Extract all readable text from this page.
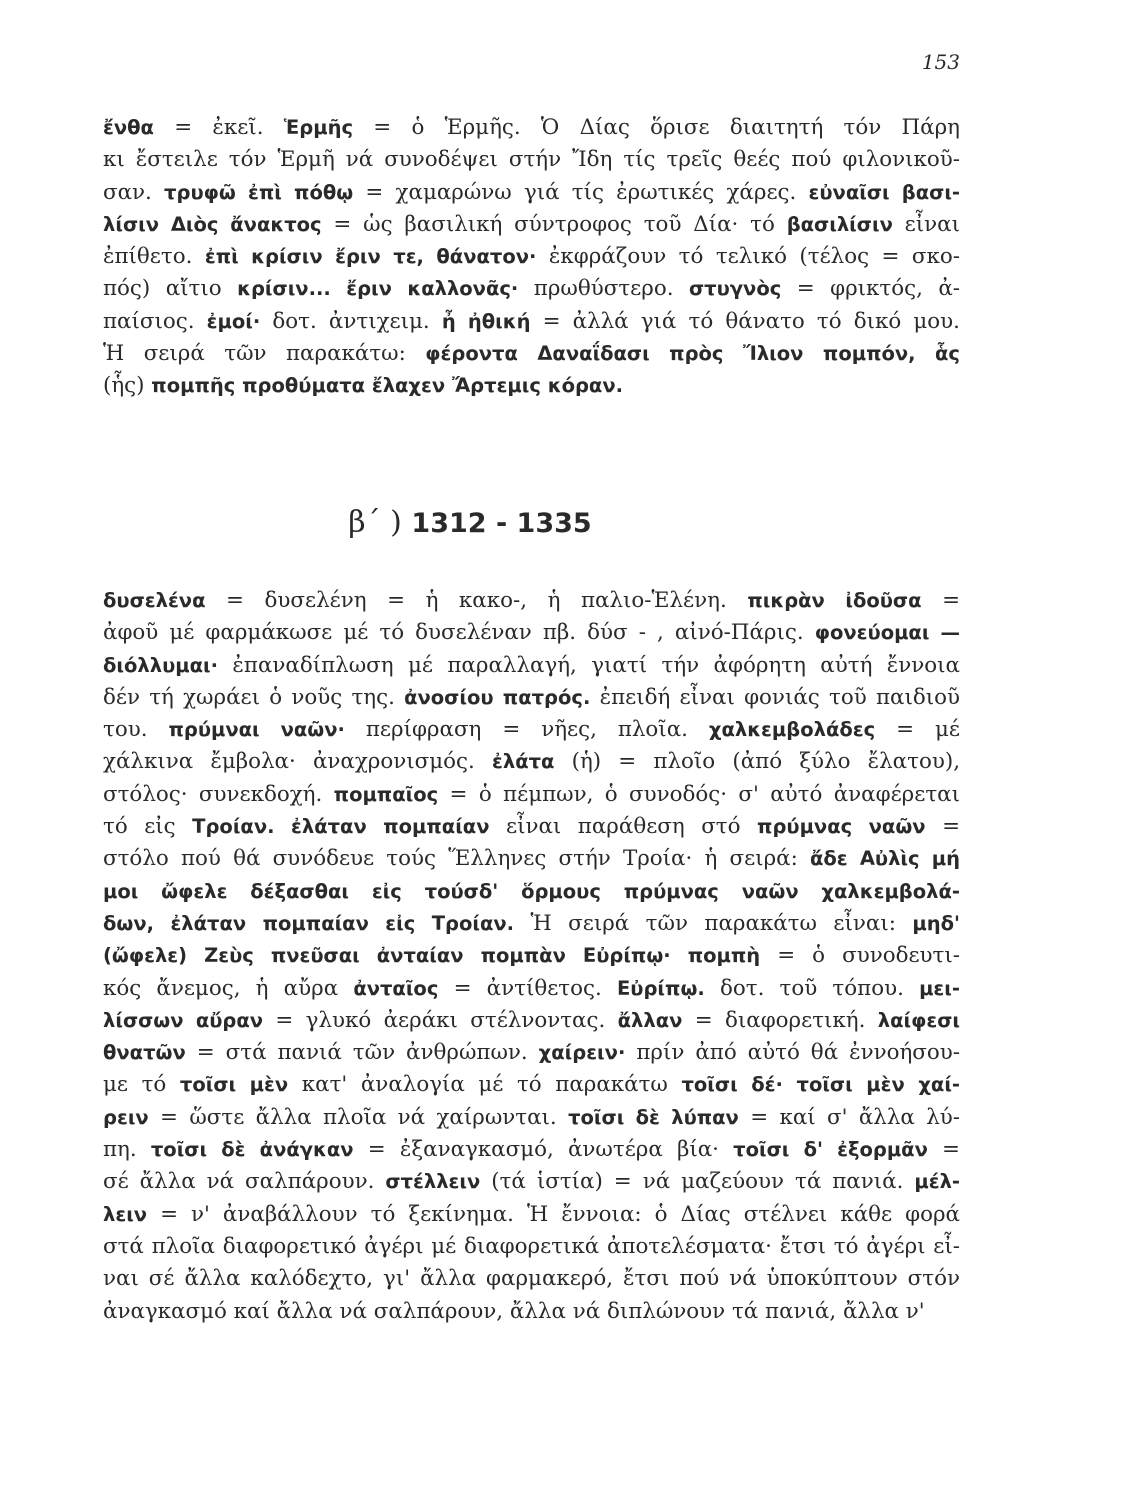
153

ἔνθα = ἐκεῖ. Ἑρμῆς = ὁ Ἑρμῆς. Ὁ Δίας ὅρισε διαιτητή τόν Πάρη

κι ἔστειλε τόν Ἑρμῆ νά συνοδέψει στήν Ἴδη τίς τρεῖς θεές πού φιλονικοῦ-

σαν. τρυφῶ ἐπὶ πόθῳ = χαμαρώνω γιά τίς ἐρωτικές χάρες. εὐναῖσι βασι-

λίσιν Διὸς ἄνακτος = ὡς βασιλική σύντροφος τοῦ Δία· τό βασιλίσιν εἶναι

ἐπίθετο. ἐπὶ κρίσιν ἔριν τε, θάνατον· ἐκφράζουν τό τελικό (τέλος = σκο-

πός) αἴτιο κρίσιν... ἔριν καλλονᾶς· πρωθύστερο. στυγνὸς = φρικτός, ἀ-

παίσιος. ἐμοί· δοτ. ἀντιχειμ. ἦ ἠθική = ἀλλά γιά τό θάνατο τό δικό μου.

Ἡ σειρά τῶν παρακάτω: φέροντα Δαναΐδασι πρὸς Ἴλιον πομπόν, ἇς

(ἧς) πομπῆς προθύματα ἔλαχεν Ἄρτεμις κόραν.

β΄ ) 1312 - 1335

δυσελένα = δυσελένη = ἡ κακο-, ἡ παλιο-Ἑλένη. πικρὰν ἰδοῦσα =

ἀφοῦ μέ φαρμάκωσε μέ τό δυσελέναν πβ. δύσ - , αἰνό-Πάρις. φονεύομαι —

διόλλυμαι· ἐπαναδίπλωση μέ παραλλαγή, γιατί τήν ἀφόρητη αὐτή ἔννοια

δέν τή χωράει ὁ νοῦς της. ἀνοσίου πατρός. ἐπειδή εἶναι φονιάς τοῦ παιδιοῦ

του. πρύμναι ναῶν· περίφραση = νῆες, πλοῖα. χαλκεμβολάδες = μέ

χάλκινα ἔμβολα· ἀναχρονισμός. ἐλάτα (ἡ) = πλοῖο (ἀπό ξύλο ἔλατου),

στόλος· συνεκδοχή. πομπαῖος = ὁ πέμπων, ὁ συνοδός· σ' αὐτό ἀναφέρεται

τό εἰς Τροίαν. ἐλάταν πομπαίαν εἶναι παράθεση στό πρύμνας ναῶν =

στόλο πού θά συνόδευε τούς Ἕλληνες στήν Τροία· ἡ σειρά: ἄδε Αὐλὶς μή

μοι ὤφελε δέξασθαι εἰς τούσδ' ὅρμους πρύμνας ναῶν χαλκεμβολά-

δων, ἐλάταν πομπαίαν εἰς Τροίαν. Ἡ σειρά τῶν παρακάτω εἶναι: μηδ'

(ὤφελε) Ζεὺς πνεῦσαι ἀνταίαν πομπὰν Εὐρίπῳ· πομπὴ = ὁ συνοδευτι-

κός ἄνεμος, ἡ αὔρα ἀνταῖος = ἀντίθετος. Εὐρίπῳ. δοτ. τοῦ τόπου. μει-

λίσσων αὔραν = γλυκό ἀεράκι στέλνοντας. ἄλλαν = διαφορετική. λαίφεσι

θνατῶν = στά πανιά τῶν ἀνθρώπων. χαίρειν· πρίν ἀπό αὐτό θά ἐννοήσου-

με τό τοῖσι μὲν κατ' ἀναλογία μέ τό παρακάτω τοῖσι δέ· τοῖσι μὲν χαί-

ρειν = ὥστε ἄλλα πλοῖα νά χαίρωνται. τοῖσι δὲ λύπαν = καί σ' ἄλλα λύ-

πη. τοῖσι δὲ ἀνάγκαν = ἐξαναγκασμό, ἀνωτέρα βία· τοῖσι δ' ἐξορμᾶν =

σέ ἄλλα νά σαλπάρουν. στέλλειν (τά ἱστία) = νά μαζεύουν τά πανιά. μέλ-

λειν = ν' ἀναβάλλουν τό ξεκίνημα. Ἡ ἔννοια: ὁ Δίας στέλνει κάθε φορά

στά πλοῖα διαφορετικό ἀγέρι μέ διαφορετικά ἀποτελέσματα· ἔτσι τό ἀγέρι εἶ-

ναι σέ ἄλλα καλόδεχτο, γι' ἄλλα φαρμακερό, ἔτσι πού νά ὑποκύπτουν στόν

ἀναγκασμό καί ἄλλα νά σαλπάρουν, ἄλλα νά διπλώνουν τά πανιά, ἄλλα ν'
